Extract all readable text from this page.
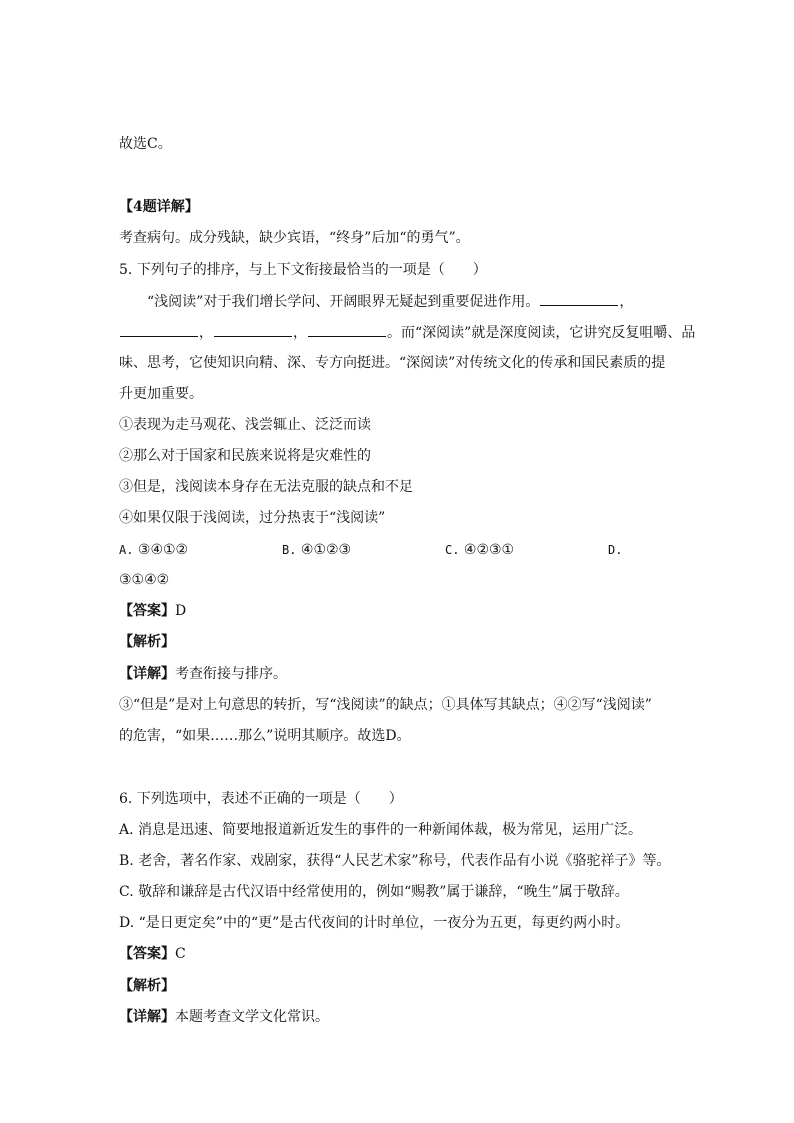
故选C。
【4题详解】
考查病句。成分残缺，缺少宾语，“终身”后加“的勇气”。
5. 下列句子的排序，与上下文衔接最恰当的一项是（　　）
“浅阅读”对于我们增长学问、开阔眼界无疑起到重要促进作用。	，
，	，	。而“深阅读”就是深度阅读，它讲究反复咀嚼、品
味、思考，它使知识向精、深、专方向挺进。“深阅读”对传统文化的传承和国民素质的提
升更加重要。
①表现为走马观花、浅尝辄止、泛泛而读
②那么对于国家和民族来说将是灾难性的
③但是，浅阅读本身存在无法克服的缺点和不足
④如果仅限于浅阅读，过分热衷于“浅阅读”
A. ③④①②	B. ④①②③	C. ④②③①	D.
③①④②
【答案】D
【解析】
【详解】考查衔接与排序。
③“但是”是对上句意思的转折，写“浅阅读”的缺点；①具体写其缺点；④②写“浅阅读”
的危害，“如果……那么”说明其顺序。故选D。
6. 下列选项中，表述不正确的一项是（　　）
A. 消息是迅速、简要地报道新近发生的事件的一种新闻体裁，极为常见，运用广泛。
B. 老舍，著名作家、戏剧家，获得“人民艺术家”称号，代表作品有小说《骆驼祥子》等。
C. 敬辞和谦辞是古代汉语中经常使用的，例如“赐教”属于谦辞，“晚生”属于敬辞。
D. “是日更定矣”中的“更”是古代夜间的计时单位，一夜分为五更，每更约两小时。
【答案】C
【解析】
【详解】本题考查文学文化常识。
